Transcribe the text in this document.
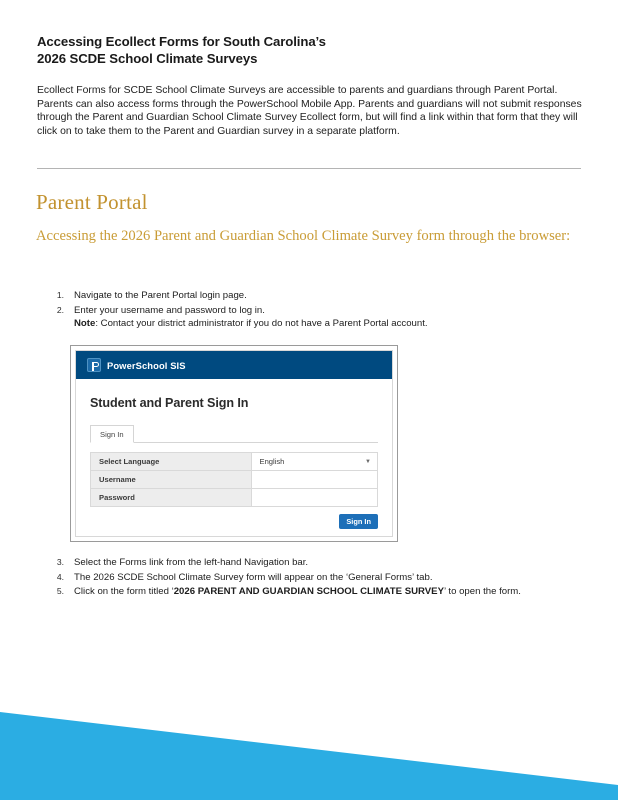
Accessing Ecollect Forms for South Carolina’s
2026 SCDE School Climate Surveys
Ecollect Forms for SCDE School Climate Surveys are accessible to parents and guardians through Parent Portal. Parents can also access forms through the PowerSchool Mobile App. Parents and guardians will not submit responses through the Parent and Guardian School Climate Survey Ecollect form, but will find a link within that form that they will click on to take them to the Parent and Guardian survey in a separate platform.
Parent Portal
Accessing the 2026 Parent and Guardian School Climate Survey form through the browser:
1. Navigate to the Parent Portal login page.
2. Enter your username and password to log in.
Note: Contact your district administrator if you do not have a Parent Portal account.
PowerSchool SIS
Student and Parent Sign In
Sign In
Select Language	English ▼

Username	

Password	
Sign In
3. Select the Forms link from the left-hand Navigation bar.
4. The 2026 SCDE School Climate Survey form will appear on the ‘General Forms’ tab.
5. Click on the form titled ‘2026 PARENT AND GUARDIAN SCHOOL CLIMATE SURVEY’ to open the form.
